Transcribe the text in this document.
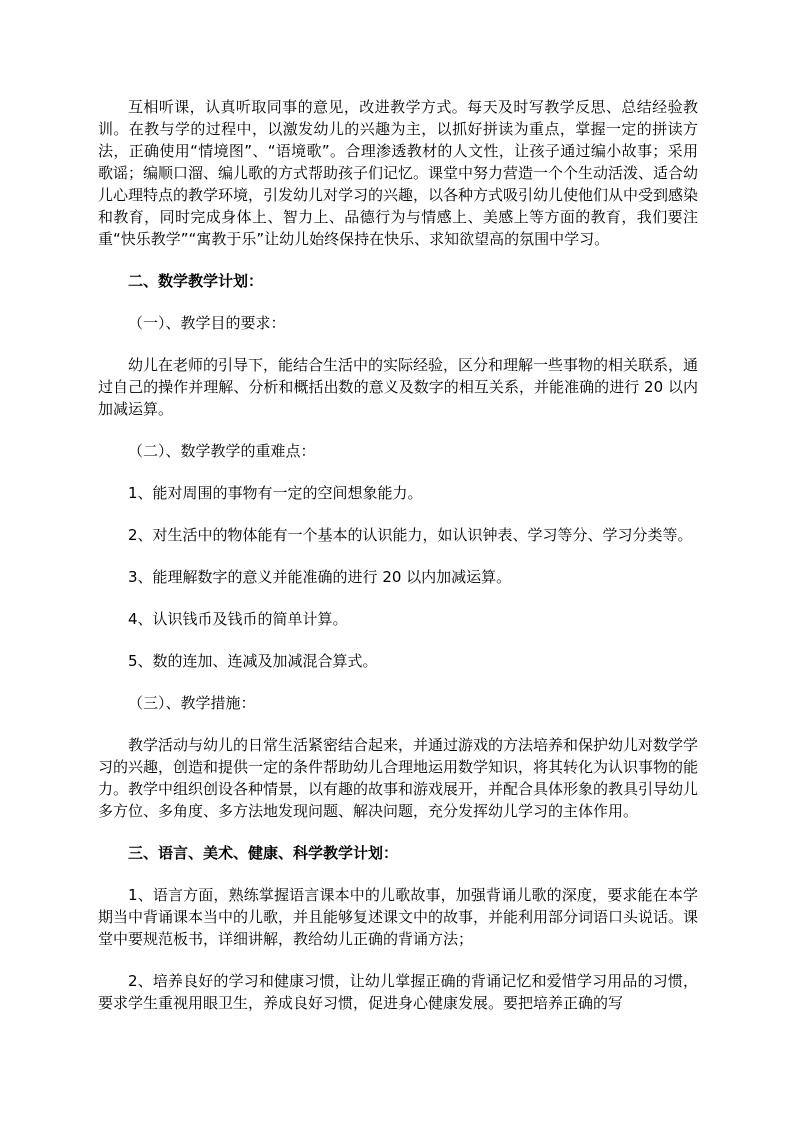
互相听课，认真听取同事的意见，改进教学方式。每天及时写教学反思、总结经验教训。在教与学的过程中，以激发幼儿的兴趣为主，以抓好拼读为重点，掌握一定的拼读方法，正确使用“情境图”、“语境歌”。合理渗透教材的人文性，让孩子通过编小故事；采用歌谣；编顺口溜、编儿歌的方式帮助孩子们记忆。课堂中努力营造一个个生动活泼、适合幼儿心理特点的教学环境，引发幼儿对学习的兴趣，以各种方式吸引幼儿使他们从中受到感染和教育，同时完成身体上、智力上、品德行为与情感上、美感上等方面的教育，我们要注重“快乐教学”“寓教于乐”让幼儿始终保持在快乐、求知欲望高的氛围中学习。

二、数学教学计划：

（一）、教学目的要求：

幼儿在老师的引导下，能结合生活中的实际经验，区分和理解一些事物的相关联系，通过自己的操作并理解、分析和概括出数的意义及数字的相互关系，并能准确的进行 20 以内加减运算。

（二）、数学教学的重难点：

1、能对周围的事物有一定的空间想象能力。

2、对生活中的物体能有一个基本的认识能力，如认识钟表、学习等分、学习分类等。

3、能理解数字的意义并能准确的进行 20 以内加减运算。

4、认识钱币及钱币的简单计算。

5、数的连加、连减及加减混合算式。

（三）、教学措施：

教学活动与幼儿的日常生活紧密结合起来，并通过游戏的方法培养和保护幼儿对数学学习的兴趣，创造和提供一定的条件帮助幼儿合理地运用数学知识，将其转化为认识事物的能力。教学中组织创设各种情景，以有趣的故事和游戏展开，并配合具体形象的教具引导幼儿多方位、多角度、多方法地发现问题、解决问题，充分发挥幼儿学习的主体作用。

三、语言、美术、健康、科学教学计划：

1、语言方面，熟练掌握语言课本中的儿歌故事，加强背诵儿歌的深度，要求能在本学期当中背诵课本当中的儿歌，并且能够复述课文中的故事，并能利用部分词语口头说话。课堂中要规范板书，详细讲解，教给幼儿正确的背诵方法；

2、培养良好的学习和健康习惯，让幼儿掌握正确的背诵记忆和爱惜学习用品的习惯，要求学生重视用眼卫生，养成良好习惯，促进身心健康发展。要把培养正确的写
